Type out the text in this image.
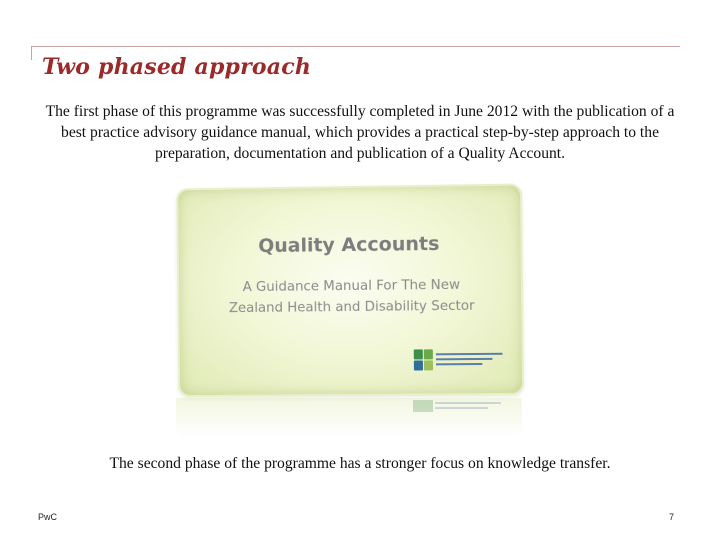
Two phased approach
The first phase of this programme was successfully completed in June 2012 with the publication of a best practice advisory guidance manual, which provides a practical step-by-step approach to the preparation, documentation and publication of a Quality Account.
Quality Accounts
A Guidance Manual For The New Zealand Health and Disability Sector
The second phase of the programme has a stronger focus on knowledge transfer.
PwC	7
